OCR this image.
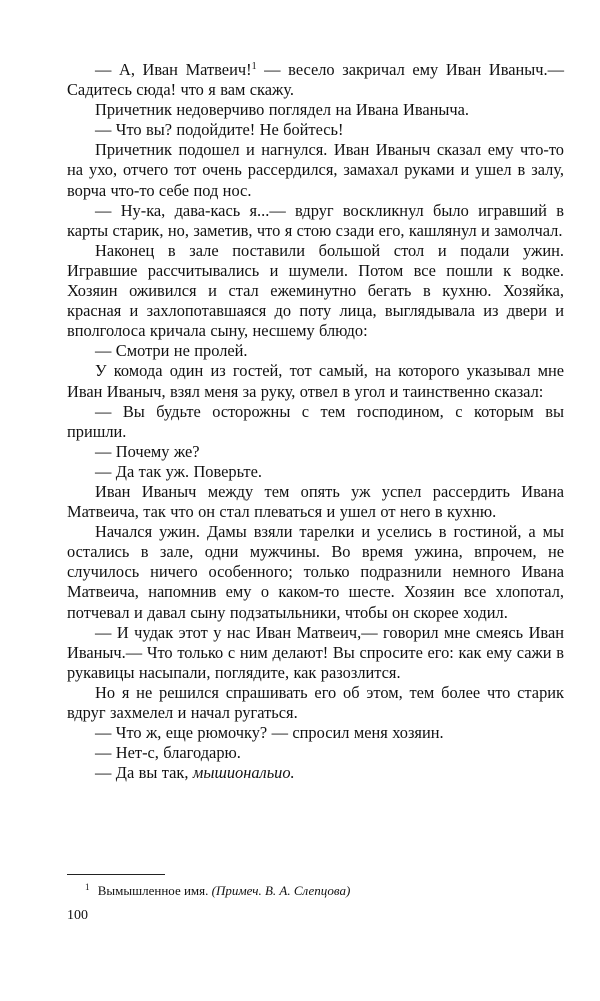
— А, Иван Матвеич!$^1$ — весело закричал ему Иван Иваныч.— Садитесь сюда! что я вам скажу.

Причетник недоверчиво поглядел на Ивана Иваныча.

— Что вы? подойдите! Не бойтесь!

Причетник подошел и нагнулся. Иван Иваныч сказал ему что-то на ухо, отчего тот очень рассердился, замахал руками и ушел в залу, ворча что-то себе под нос.

— Ну-ка, дава-кась я...— вдруг воскликнул было игравший в карты старик, но, заметив, что я стою сзади его, кашлянул и замолчал.

Наконец в зале поставили большой стол и подали ужин. Игравшие рассчитывались и шумели. Потом все пошли к водке. Хозяин оживился и стал ежеминутно бегать в кухню. Хозяйка, красная и захлопотавшаяся до поту лица, выглядывала из двери и вполголоса кричала сыну, несшему блюдо:

— Смотри не пролей.

У комода один из гостей, тот самый, на которого указывал мне Иван Иваныч, взял меня за руку, отвел в угол и таинственно сказал:

— Вы будьте осторожны с тем господином, с которым вы пришли.

— Почему же?

— Да так уж. Поверьте.

Иван Иваныч между тем опять уж успел рассердить Ивана Матвеича, так что он стал плеваться и ушел от него в кухню.

Начался ужин. Дамы взяли тарелки и уселись в гостиной, а мы остались в зале, одни мужчины. Во время ужина, впрочем, не случилось ничего особенного; только подразнили немного Ивана Матвеича, напомнив ему о каком-то шесте. Хозяин все хлопотал, потчевал и давал сыну подзатыльники, чтобы он скорее ходил.

— И чудак этот у нас Иван Матвеич,— говорил мне смеясь Иван Иваныч.— Что только с ним делают! Вы спросите его: как ему сажи в рукавицы насыпали, поглядите, как разозлится.

Но я не решился спрашивать его об этом, тем более что старик вдруг захмелел и начал ругаться.

— Что ж, еще рюмочку? — спросил меня хозяин.

— Нет-с, благодарю.

— Да вы так, мышиональио.

$^1$ Вымышленное имя. (Примеч. В. А. Слепцова)
100
